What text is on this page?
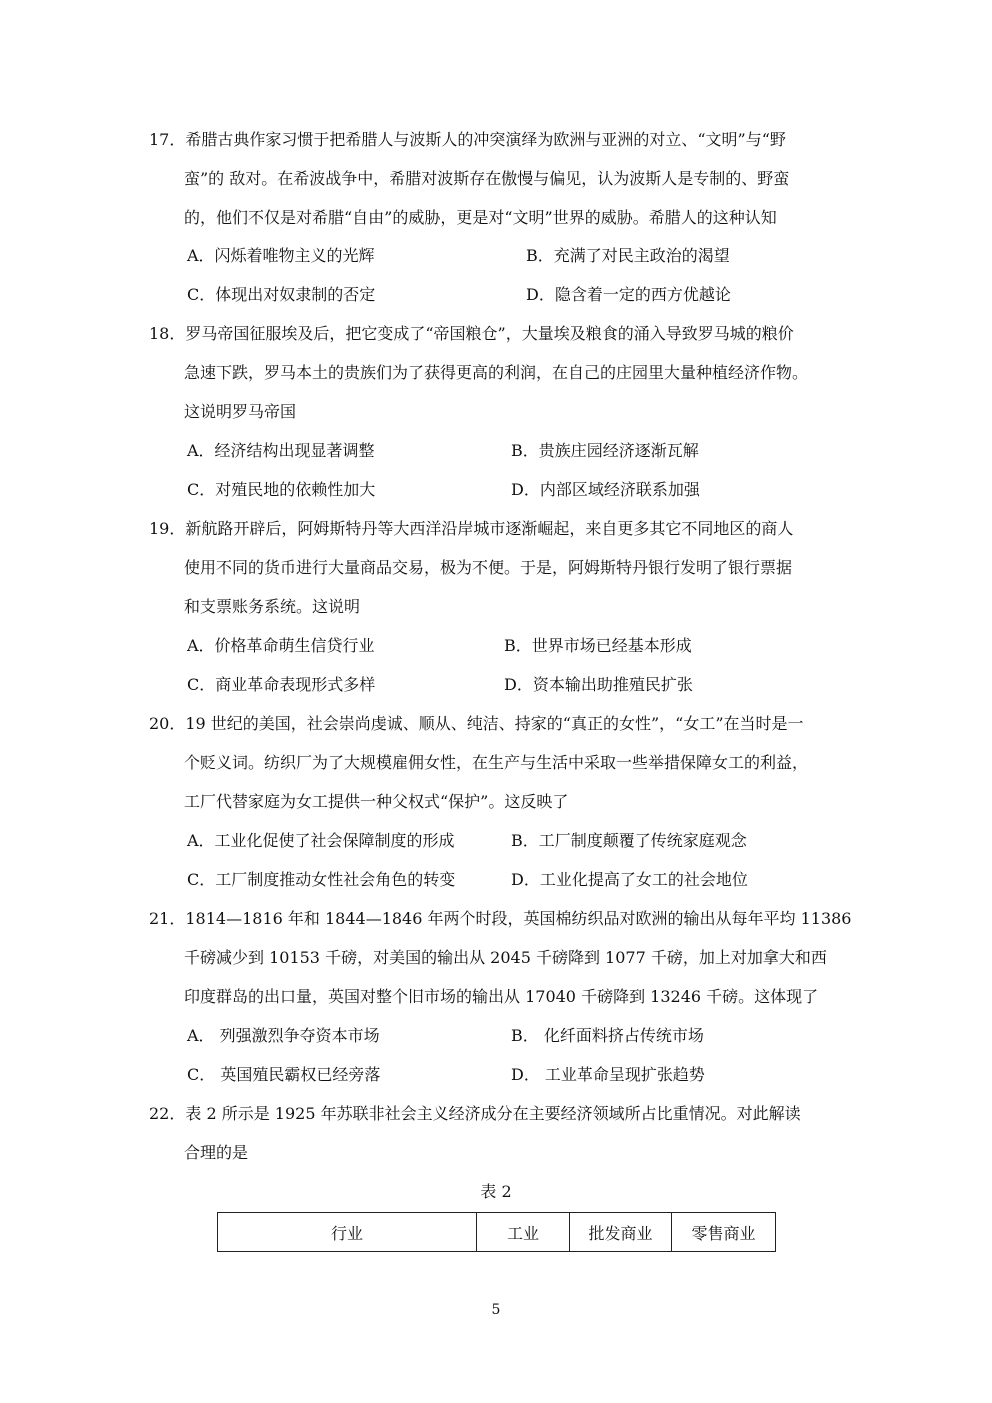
17．希腊古典作家习惯于把希腊人与波斯人的冲突演绎为欧洲与亚洲的对立、“文明”与“野
蛮”的 敌对。在希波战争中，希腊对波斯存在傲慢与偏见，认为波斯人是专制的、野蛮
的，他们不仅是对希腊“自由”的威胁，更是对“文明”世界的威胁。希腊人的这种认知
A．闪烁着唯物主义的光辉	B．充满了对民主政治的渴望
C．体现出对奴隶制的否定	D．隐含着一定的西方优越论
18．罗马帝国征服埃及后，把它变成了“帝国粮仓”，大量埃及粮食的涌入导致罗马城的粮价
急速下跌，罗马本土的贵族们为了获得更高的利润，在自己的庄园里大量种植经济作物。
这说明罗马帝国
A．经济结构出现显著调整	B．贵族庄园经济逐渐瓦解
C．对殖民地的依赖性加大	D．内部区域经济联系加强
19．新航路开辟后，阿姆斯特丹等大西洋沿岸城市逐渐崛起，来自更多其它不同地区的商人
使用不同的货币进行大量商品交易，极为不便。于是，阿姆斯特丹银行发明了银行票据
和支票账务系统。这说明
A．价格革命萌生信贷行业	B．世界市场已经基本形成
C．商业革命表现形式多样	D．资本输出助推殖民扩张
20．19 世纪的美国，社会崇尚虔诚、顺从、纯洁、持家的“真正的女性”，“女工”在当时是一
个贬义词。纺织厂为了大规模雇佣女性，在生产与生活中采取一些举措保障女工的利益，
工厂代替家庭为女工提供一种父权式“保护”。这反映了
A．工业化促使了社会保障制度的形成	B．工厂制度颠覆了传统家庭观念
C．工厂制度推动女性社会角色的转变	D．工业化提高了女工的社会地位
21．1814—1816 年和 1844—1846 年两个时段，英国棉纺织品对欧洲的输出从每年平均 11386
千磅减少到 10153 千磅，对美国的输出从 2045 千磅降到 1077 千磅，加上对加拿大和西
印度群岛的出口量，英国对整个旧市场的输出从 17040 千磅降到 13246 千磅。这体现了
A． 列强激烈争夺资本市场	B． 化纤面料挤占传统市场
C． 英国殖民霸权已经旁落	D． 工业革命呈现扩张趋势
22．表 2 所示是 1925 年苏联非社会主义经济成分在主要经济领域所占比重情况。对此解读
合理的是
表 2
行业	工业	批发商业	零售商业
5
